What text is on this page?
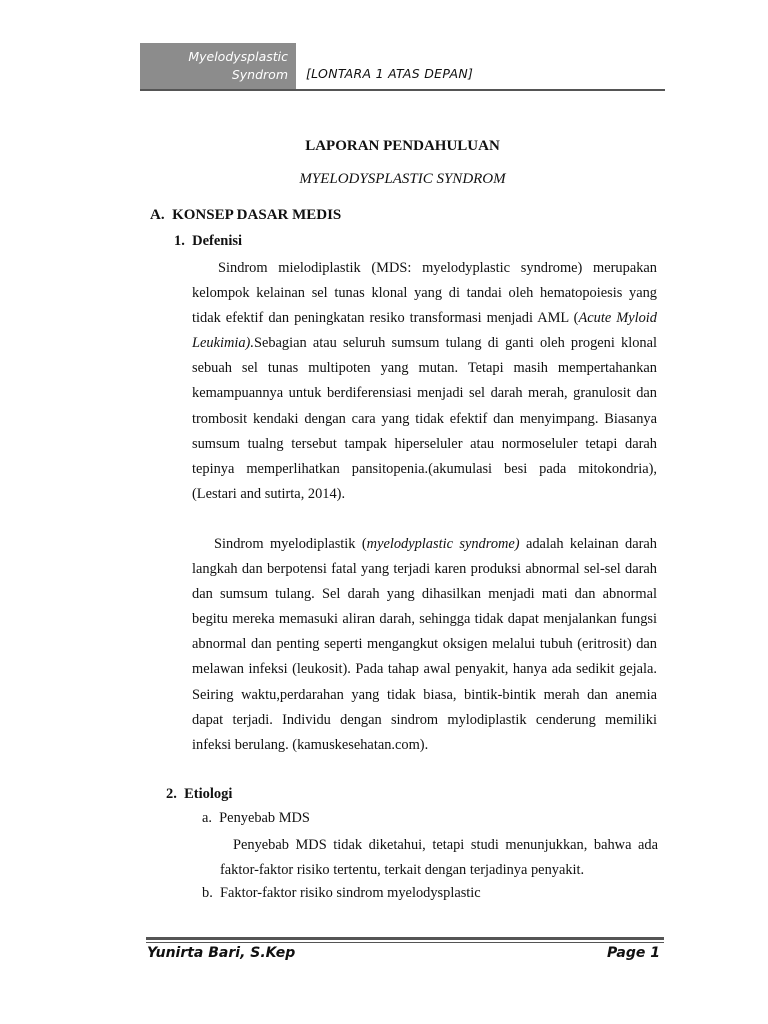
Myelodysplastic
Syndrom [LONTARA 1 ATAS DEPAN]
LAPORAN PENDAHULUAN
MYELODYSPLASTIC SYNDROM
A.  KONSEP DASAR MEDIS
1.  Defenisi

Sindrom mielodiplastik (MDS: myelodyplastic syndrome) merupakan kelompok kelainan sel tunas klonal yang di tandai oleh hematopoiesis yang tidak efektif dan peningkatan resiko transformasi menjadi AML (Acute Myloid Leukimia).Sebagian atau seluruh sumsum tulang di ganti oleh progeni klonal sebuah sel tunas multipoten yang mutan. Tetapi masih mempertahankan kemampuannya untuk berdiferensiasi menjadi sel darah merah, granulosit dan trombosit kendaki dengan cara yang tidak efektif dan menyimpang. Biasanya sumsum tualng tersebut tampak hiperseluler atau normoseluler tetapi darah tepinya memperlihatkan pansitopenia.(akumulasi besi pada mitokondria), (Lestari and sutirta, 2014).

Sindrom myelodiplastik (myelodyplastic syndrome) adalah kelainan darah langkah dan berpotensi fatal yang terjadi karen produksi abnormal sel-sel darah dan sumsum tulang. Sel darah yang dihasilkan menjadi mati dan abnormal begitu mereka memasuki aliran darah, sehingga tidak dapat menjalankan fungsi abnormal dan penting seperti mengangkut oksigen melalui tubuh (eritrosit) dan melawan infeksi (leukosit). Pada tahap awal penyakit, hanya ada sedikit gejala. Seiring waktu,perdarahan yang tidak biasa, bintik-bintik merah dan anemia dapat terjadi. Individu dengan sindrom mylodiplastik cenderung memiliki infeksi berulang. (kamuskesehatan.com).

2.  Etiologi
a.  Penyebab MDS

Penyebab MDS tidak diketahui, tetapi studi menunjukkan, bahwa ada faktor-faktor risiko tertentu, terkait dengan terjadinya penyakit.

b.  Faktor-faktor risiko sindrom myelodysplastic
Yunirta Bari, S.Kep	Page 1
